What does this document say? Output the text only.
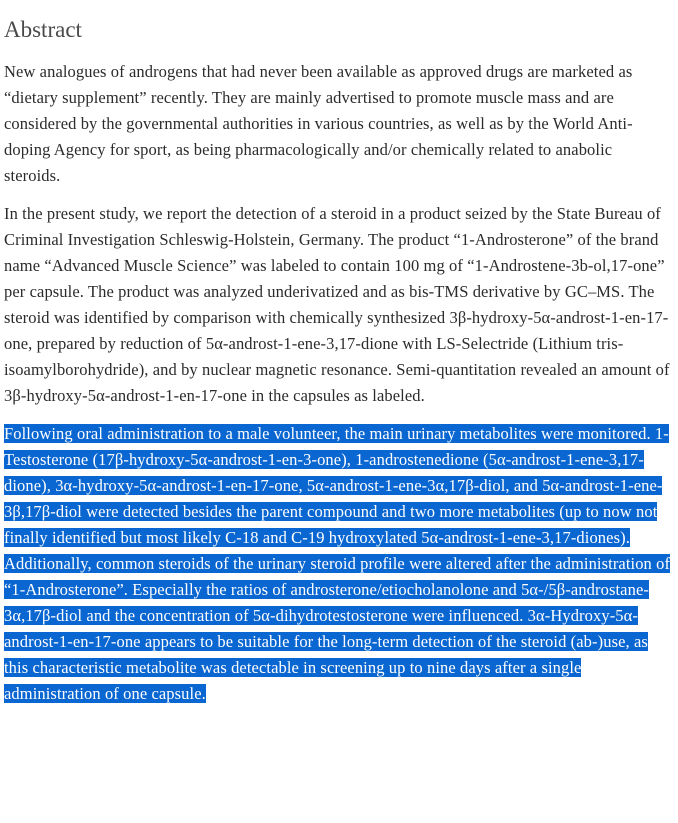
Abstract

New analogues of androgens that had never been available as approved drugs are marketed as “dietary supplement” recently. They are mainly advertised to promote muscle mass and are considered by the governmental authorities in various countries, as well as by the World Anti-doping Agency for sport, as being pharmacologically and/or chemically related to anabolic steroids.

In the present study, we report the detection of a steroid in a product seized by the State Bureau of Criminal Investigation Schleswig-Holstein, Germany. The product “1-Androsterone” of the brand name “Advanced Muscle Science” was labeled to contain 100 mg of “1-Androstene-3b-ol,17-one” per capsule. The product was analyzed underivatized and as bis-TMS derivative by GC–MS. The steroid was identified by comparison with chemically synthesized 3β-hydroxy-5α-androst-1-en-17-one, prepared by reduction of 5α-androst-1-ene-3,17-dione with LS-Selectride (Lithium tris-isoamylborohydride), and by nuclear magnetic resonance. Semi-quantitation revealed an amount of 3β-hydroxy-5α-androst-1-en-17-one in the capsules as labeled.

Following oral administration to a male volunteer, the main urinary metabolites were monitored. 1-Testosterone (17β-hydroxy-5α-androst-1-en-3-one), 1-androstenedione (5α-androst-1-ene-3,17-dione), 3α-hydroxy-5α-androst-1-en-17-one, 5α-androst-1-ene-3α,17β-diol, and 5α-androst-1-ene-3β,17β-diol were detected besides the parent compound and two more metabolites (up to now not finally identified but most likely C-18 and C-19 hydroxylated 5α-androst-1-ene-3,17-diones). Additionally, common steroids of the urinary steroid profile were altered after the administration of “1-Androsterone”. Especially the ratios of androsterone/etiocholanolone and 5α-/5β-androstane-3α,17β-diol and the concentration of 5α-dihydrotestosterone were influenced. 3α-Hydroxy-5α-androst-1-en-17-one appears to be suitable for the long-term detection of the steroid (ab-)use, as this characteristic metabolite was detectable in screening up to nine days after a single administration of one capsule.
